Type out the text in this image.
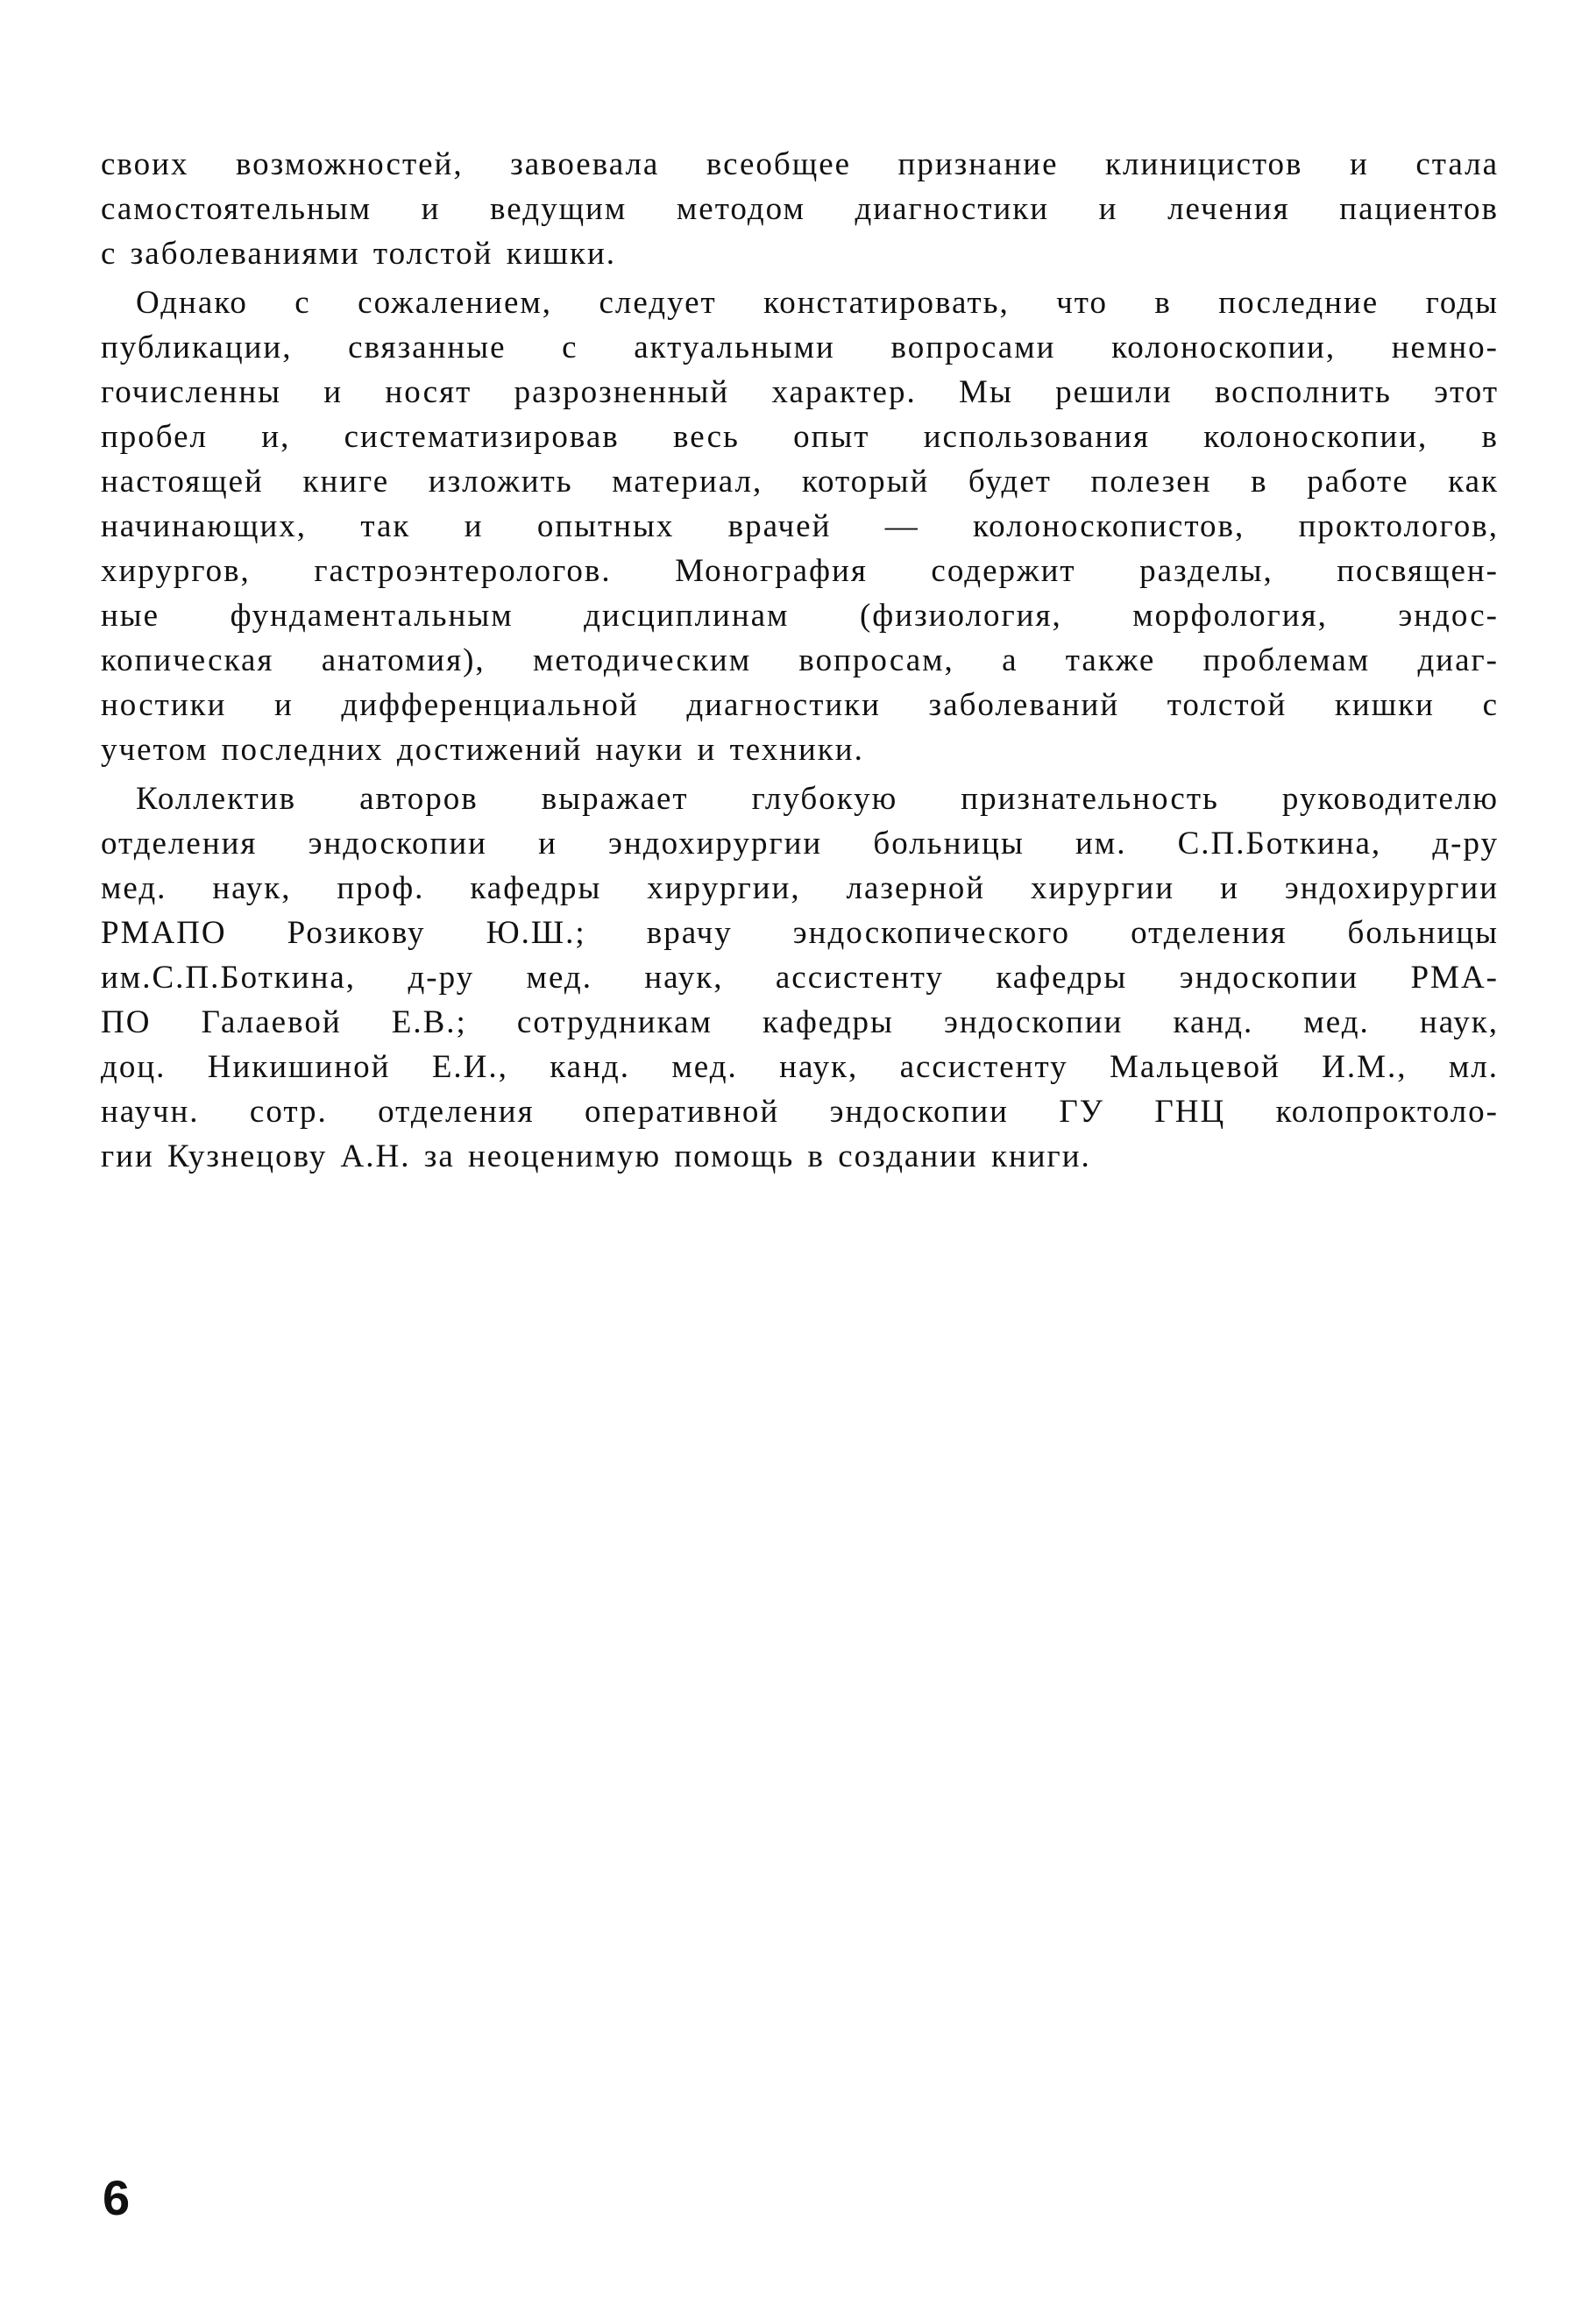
своих возможностей, завоевала всеобщее признание клиницистов и стала
самостоятельным и ведущим методом диагностики и лечения пациентов
с заболеваниями толстой кишки.

Однако с сожалением, следует констатировать, что в последние годы
публикации, связанные с актуальными вопросами колоноскопии, немно-
гочисленны и носят разрозненный характер. Мы решили восполнить этот
пробел и, систематизировав весь опыт использования колоноскопии, в
настоящей книге изложить материал, который будет полезен в работе как
начинающих, так и опытных врачей — колоноскопистов, проктологов,
хирургов, гастроэнтерологов. Монография содержит разделы, посвящен-
ные фундаментальным дисциплинам (физиология, морфология, эндос-
копическая анатомия), методическим вопросам, а также проблемам диаг-
ностики и дифференциальной диагностики заболеваний толстой кишки с
учетом последних достижений науки и техники.

Коллектив авторов выражает глубокую признательность руководителю
отделения эндоскопии и эндохирургии больницы им. С.П.Боткина, д-ру
мед. наук, проф. кафедры хирургии, лазерной хирургии и эндохирургии
РМАПО Розикову Ю.Ш.; врачу эндоскопического отделения больницы
им.С.П.Боткина, д-ру мед. наук, ассистенту кафедры эндоскопии РМА-
ПО Галаевой Е.В.; сотрудникам кафедры эндоскопии канд. мед. наук,
доц. Никишиной Е.И., канд. мед. наук, ассистенту Мальцевой И.М., мл.
научн. сотр. отделения оперативной эндоскопии ГУ ГНЦ колопроктоло-
гии Кузнецову А.Н. за неоценимую помощь в создании книги.

6
